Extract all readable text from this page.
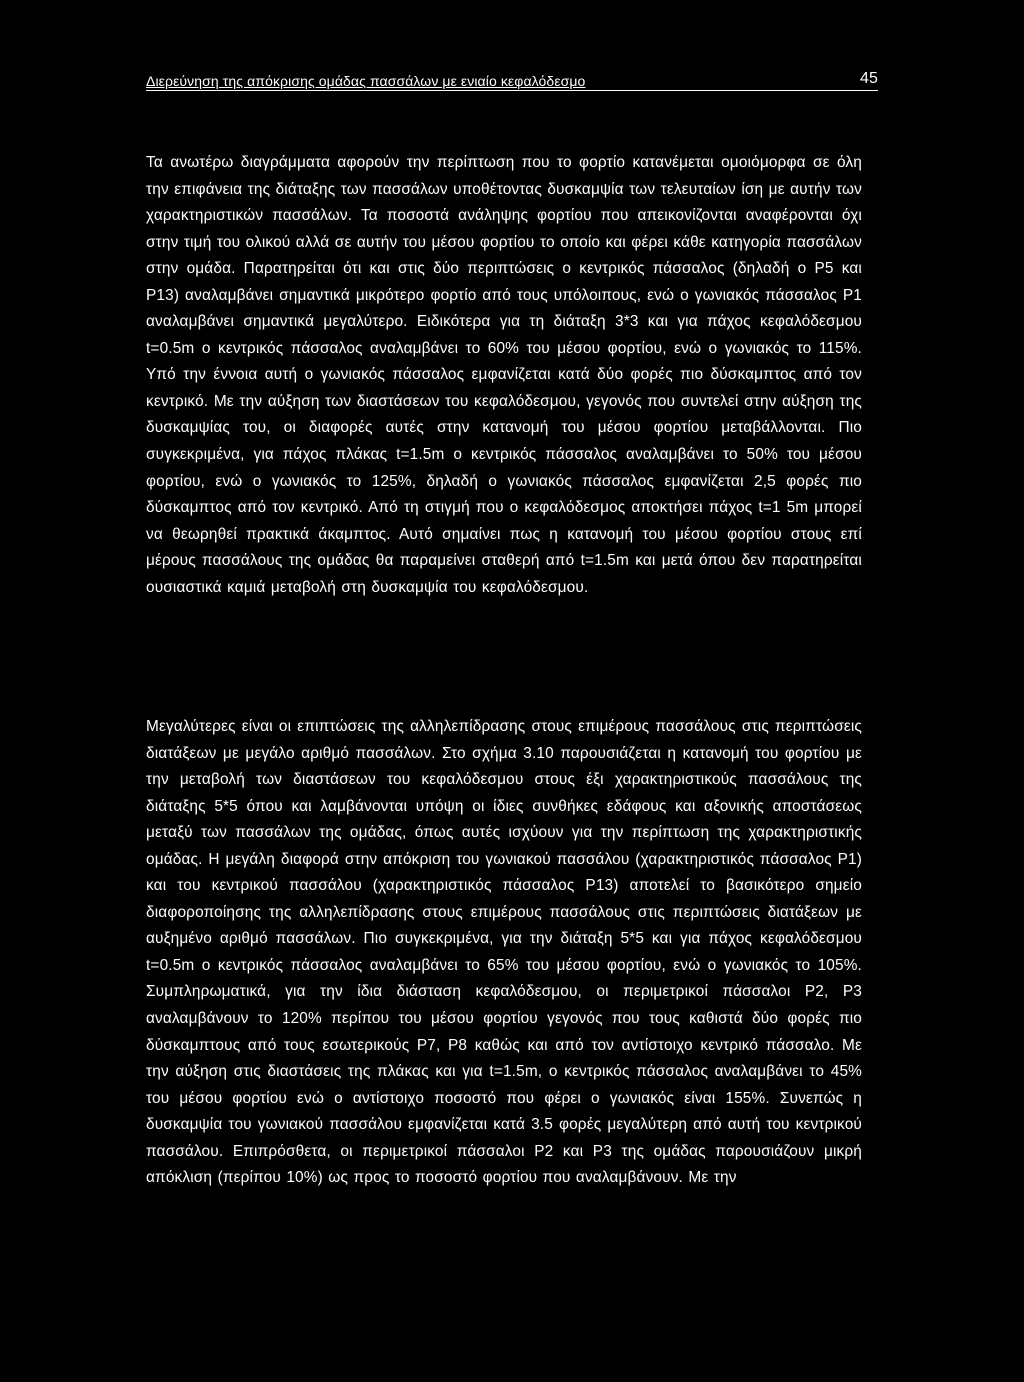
Διερεύνηση της απόκρισης ομάδας πασσάλων με ενιαίο κεφαλόδεσμο	45

Τα ανωτέρω διαγράμματα αφορούν την περίπτωση που το φορτίο κατανέμεται ομοιόμορφα σε όλη την επιφάνεια της διάταξης των πασσάλων υποθέτοντας δυσκαμψία των τελευταίων ίση με αυτήν των χαρακτηριστικών πασσάλων. Τα ποσοστά ανάληψης φορτίου που απεικονίζονται αναφέρονται όχι στην τιμή του ολικού αλλά σε αυτήν του μέσου φορτίου το οποίο και φέρει κάθε κατηγορία πασσάλων στην ομάδα. Παρατηρείται ότι και στις δύο περιπτώσεις ο κεντρικός πάσσαλος (δηλαδή ο Ρ5 και Ρ13) αναλαμβάνει σημαντικά μικρότερο φορτίο από τους υπόλοιπους, ενώ ο γωνιακός πάσσαλος Ρ1 αναλαμβάνει σημαντικά μεγαλύτερο. Ειδικότερα για τη διάταξη 3*3 και για πάχος κεφαλόδεσμου t=0.5m ο κεντρικός πάσσαλος αναλαμβάνει το 60% του μέσου φορτίου, ενώ ο γωνιακός το 115%. Υπό την έννοια αυτή ο γωνιακός πάσσαλος εμφανίζεται κατά δύο φορές πιο δύσκαμπτος από τον κεντρικό. Με την αύξηση των διαστάσεων του κεφαλόδεσμου, γεγονός που συντελεί στην αύξηση της δυσκαμψίας του, οι διαφορές αυτές στην κατανομή του μέσου φορτίου μεταβάλλονται. Πιο συγκεκριμένα, για πάχος πλάκας t=1.5m ο κεντρικός πάσσαλος αναλαμβάνει το 50% του μέσου φορτίου, ενώ ο γωνιακός το 125%, δηλαδή ο γωνιακός πάσσαλος εμφανίζεται 2,5 φορές πιο δύσκαμπτος από τον κεντρικό. Από τη στιγμή που ο κεφαλόδεσμος αποκτήσει πάχος t=1 5m μπορεί να θεωρηθεί πρακτικά άκαμπτος. Αυτό σημαίνει πως η κατανομή του μέσου φορτίου στους επί μέρους πασσάλους της ομάδας θα παραμείνει σταθερή από t=1.5m και μετά όπου δεν παρατηρείται ουσιαστικά καμιά μεταβολή στη δυσκαμψία του κεφαλόδεσμου.

Μεγαλύτερες είναι οι επιπτώσεις της αλληλεπίδρασης στους επιμέρους πασσάλους στις περιπτώσεις διατάξεων με μεγάλο αριθμό πασσάλων. Στο σχήμα 3.10 παρουσιάζεται η κατανομή του φορτίου με την μεταβολή των διαστάσεων του κεφαλόδεσμου στους έξι χαρακτηριστικούς πασσάλους της διάταξης 5*5 όπου και λαμβάνονται υπόψη οι ίδιες συνθήκες εδάφους και αξονικής αποστάσεως μεταξύ των πασσάλων της ομάδας, όπως αυτές ισχύουν για την περίπτωση της χαρακτηριστικής ομάδας. Η μεγάλη διαφορά στην απόκριση του γωνιακού πασσάλου (χαρακτηριστικός πάσσαλος Ρ1) και του κεντρικού πασσάλου (χαρακτηριστικός πάσσαλος Ρ13) αποτελεί το βασικότερο σημείο διαφοροποίησης της αλληλεπίδρασης στους επιμέρους πασσάλους στις περιπτώσεις διατάξεων με αυξημένο αριθμό πασσάλων. Πιο συγκεκριμένα, για την διάταξη 5*5 και για πάχος κεφαλόδεσμου t=0.5m ο κεντρικός πάσσαλος αναλαμβάνει το 65% του μέσου φορτίου, ενώ ο γωνιακός το 105%. Συμπληρωματικά, για την ίδια διάσταση κεφαλόδεσμου, οι περιμετρικοί πάσσαλοι Ρ2, Ρ3 αναλαμβάνουν το 120% περίπου του μέσου φορτίου γεγονός που τους καθιστά δύο φορές πιο δύσκαμπτους από τους εσωτερικούς Ρ7, Ρ8 καθώς και από τον αντίστοιχο κεντρικό πάσσαλο. Με την αύξηση στις διαστάσεις της πλάκας και για t=1.5m, ο κεντρικός πάσσαλος αναλαμβάνει το 45% του μέσου φορτίου ενώ ο αντίστοιχο ποσοστό που φέρει ο γωνιακός είναι 155%. Συνεπώς η δυσκαμψία του γωνιακού πασσάλου εμφανίζεται κατά 3.5 φορές μεγαλύτερη από αυτή του κεντρικού πασσάλου. Επιπρόσθετα, οι περιμετρικοί πάσσαλοι Ρ2 και Ρ3 της ομάδας παρουσιάζουν μικρή απόκλιση (περίπου 10%) ως προς το ποσοστό φορτίου που αναλαμβάνουν. Με την
